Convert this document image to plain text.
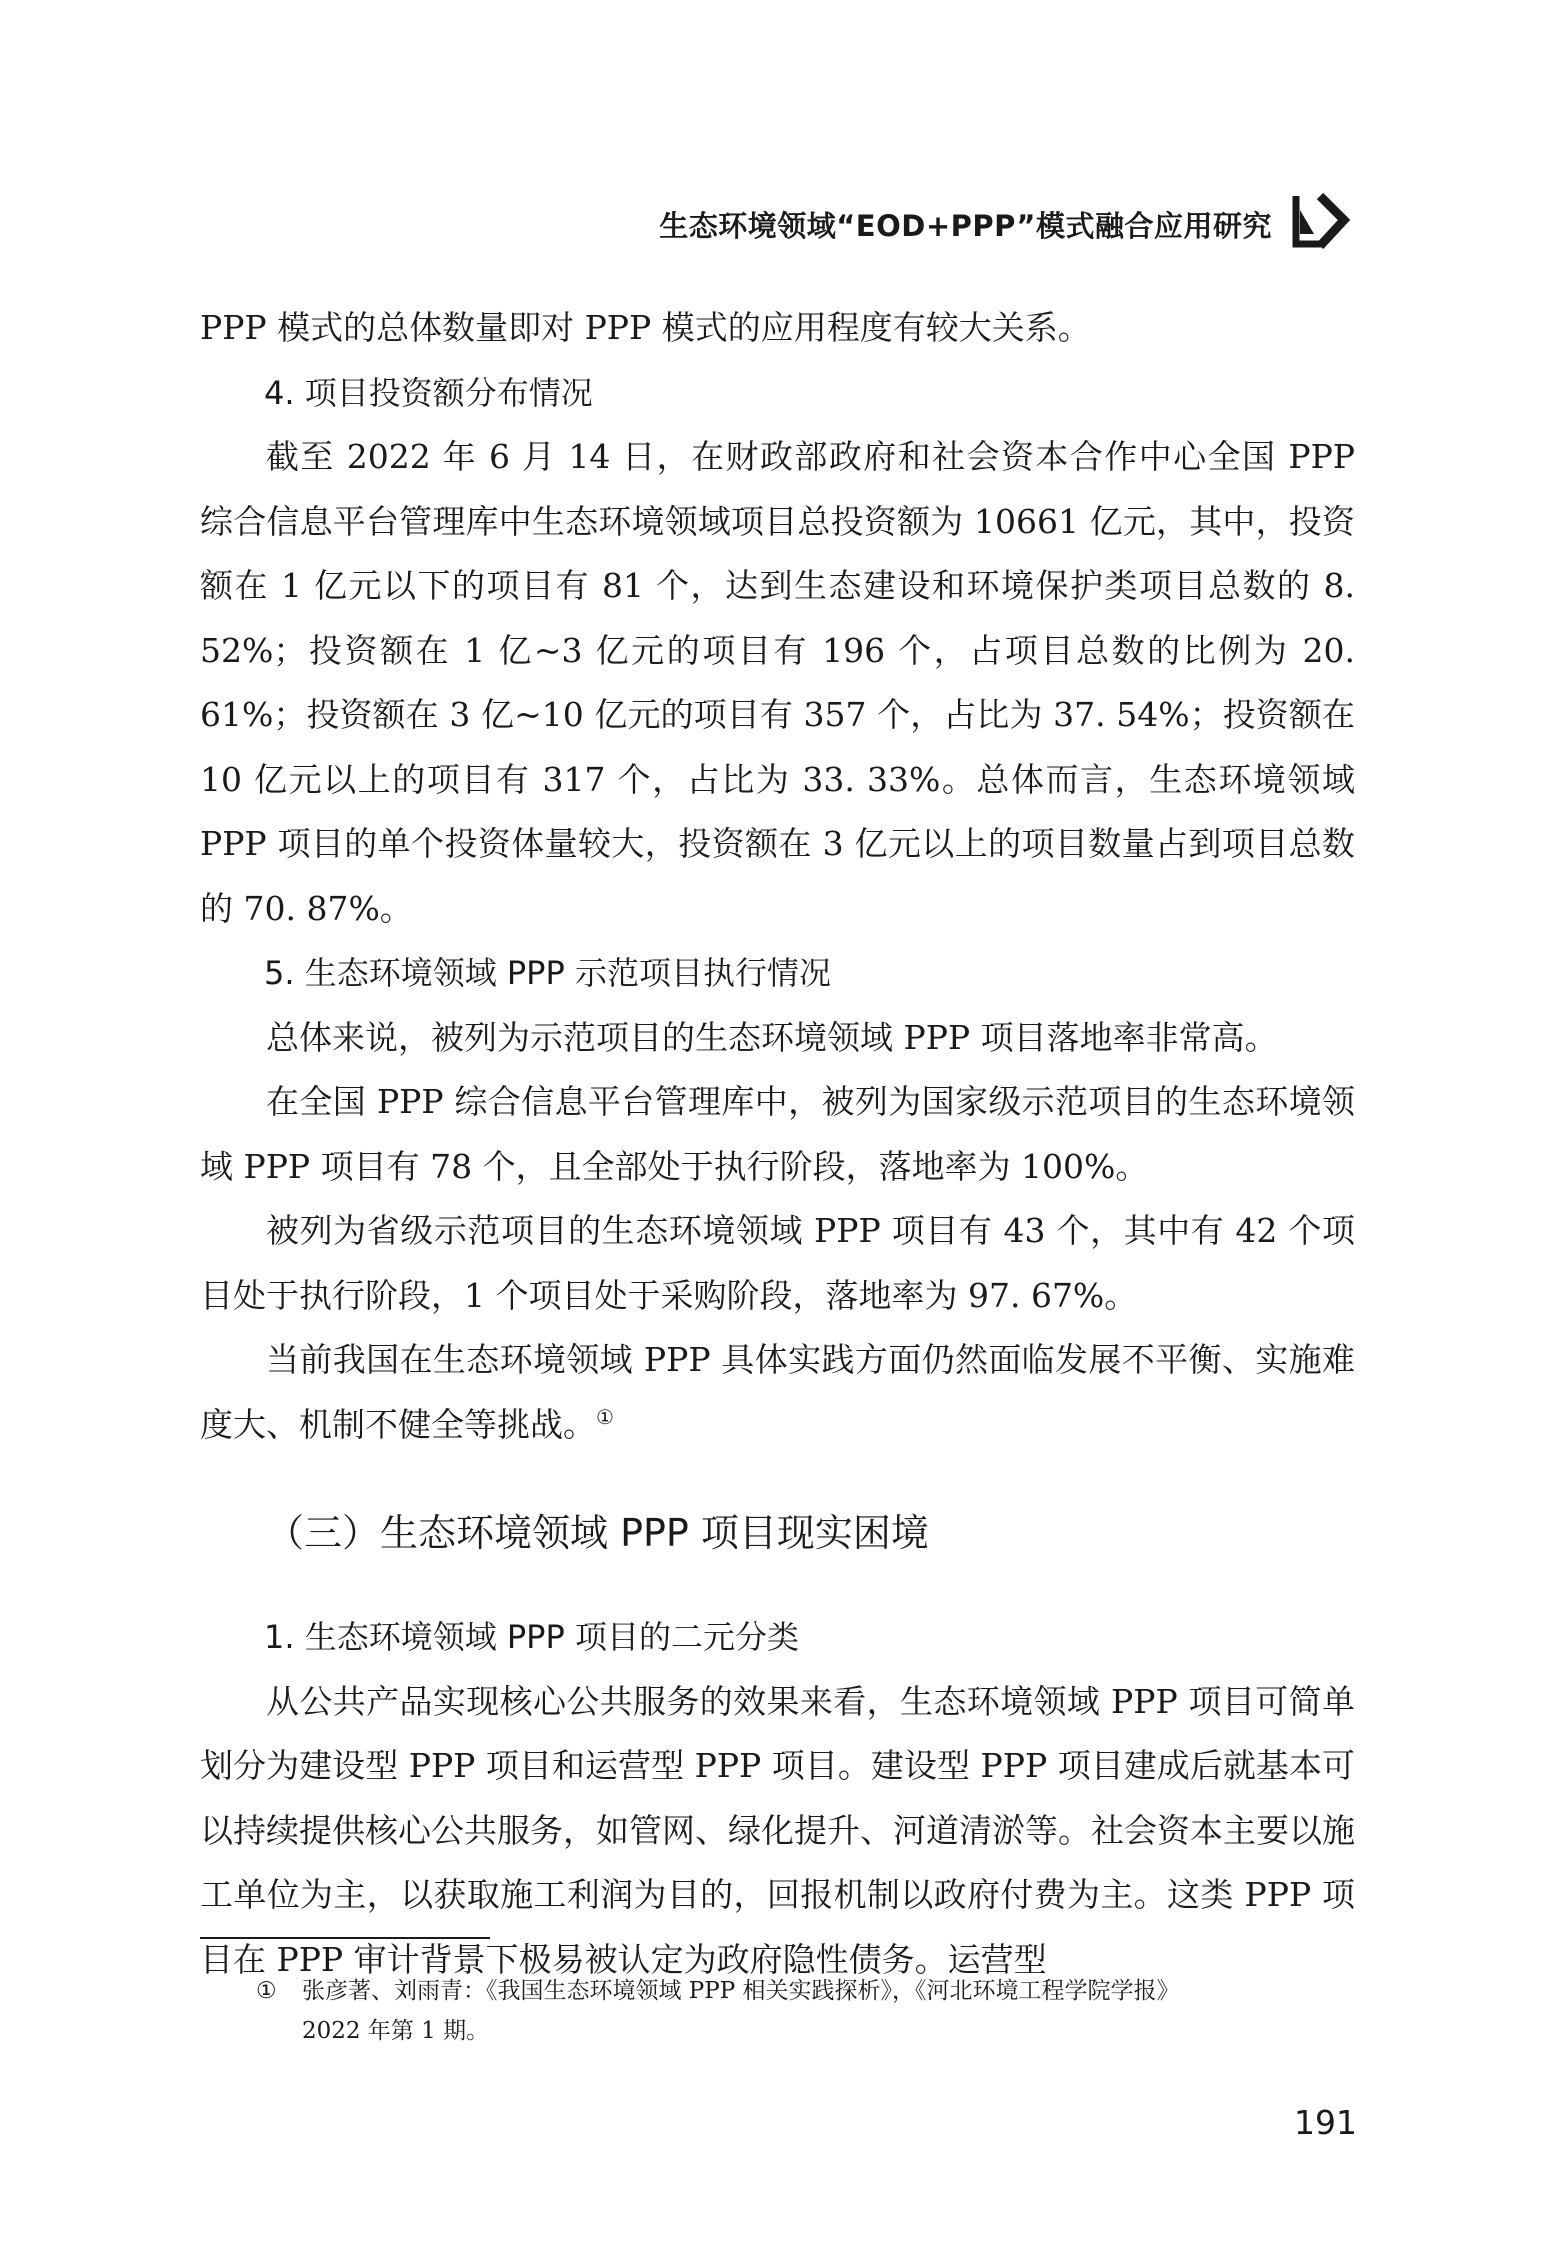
生态环境领域“EOD+PPP”模式融合应用研究

PPP 模式的总体数量即对 PPP 模式的应用程度有较大关系。

4. 项目投资额分布情况

截至 2022 年 6 月 14 日，在财政部政府和社会资本合作中心全国 PPP 综合信息平台管理库中生态环境领域项目总投资额为 10661 亿元，其中，投资额在 1 亿元以下的项目有 81 个，达到生态建设和环境保护类项目总数的 8. 52%；投资额在 1 亿~3 亿元的项目有 196 个，占项目总数的比例为 20. 61%；投资额在 3 亿~10 亿元的项目有 357 个，占比为 37. 54%；投资额在 10 亿元以上的项目有 317 个，占比为 33. 33%。总体而言，生态环境领域 PPP 项目的单个投资体量较大，投资额在 3 亿元以上的项目数量占到项目总数的 70. 87%。

5. 生态环境领域 PPP 示范项目执行情况

总体来说，被列为示范项目的生态环境领域 PPP 项目落地率非常高。

在全国 PPP 综合信息平台管理库中，被列为国家级示范项目的生态环境领域 PPP 项目有 78 个，且全部处于执行阶段，落地率为 100%。

被列为省级示范项目的生态环境领域 PPP 项目有 43 个，其中有 42 个项目处于执行阶段，1 个项目处于采购阶段，落地率为 97. 67%。

当前我国在生态环境领域 PPP 具体实践方面仍然面临发展不平衡、实施难度大、机制不健全等挑战。①

（三）生态环境领域 PPP 项目现实困境

1. 生态环境领域 PPP 项目的二元分类

从公共产品实现核心公共服务的效果来看，生态环境领域 PPP 项目可简单划分为建设型 PPP 项目和运营型 PPP 项目。建设型 PPP 项目建成后就基本可以持续提供核心公共服务，如管网、绿化提升、河道清淤等。社会资本主要以施工单位为主，以获取施工利润为目的，回报机制以政府付费为主。这类 PPP 项目在 PPP 审计背景下极易被认定为政府隐性债务。运营型

① 张彦著、刘雨青：《我国生态环境领域 PPP 相关实践探析》，《河北环境工程学院学报》
2022 年第 1 期。
191
